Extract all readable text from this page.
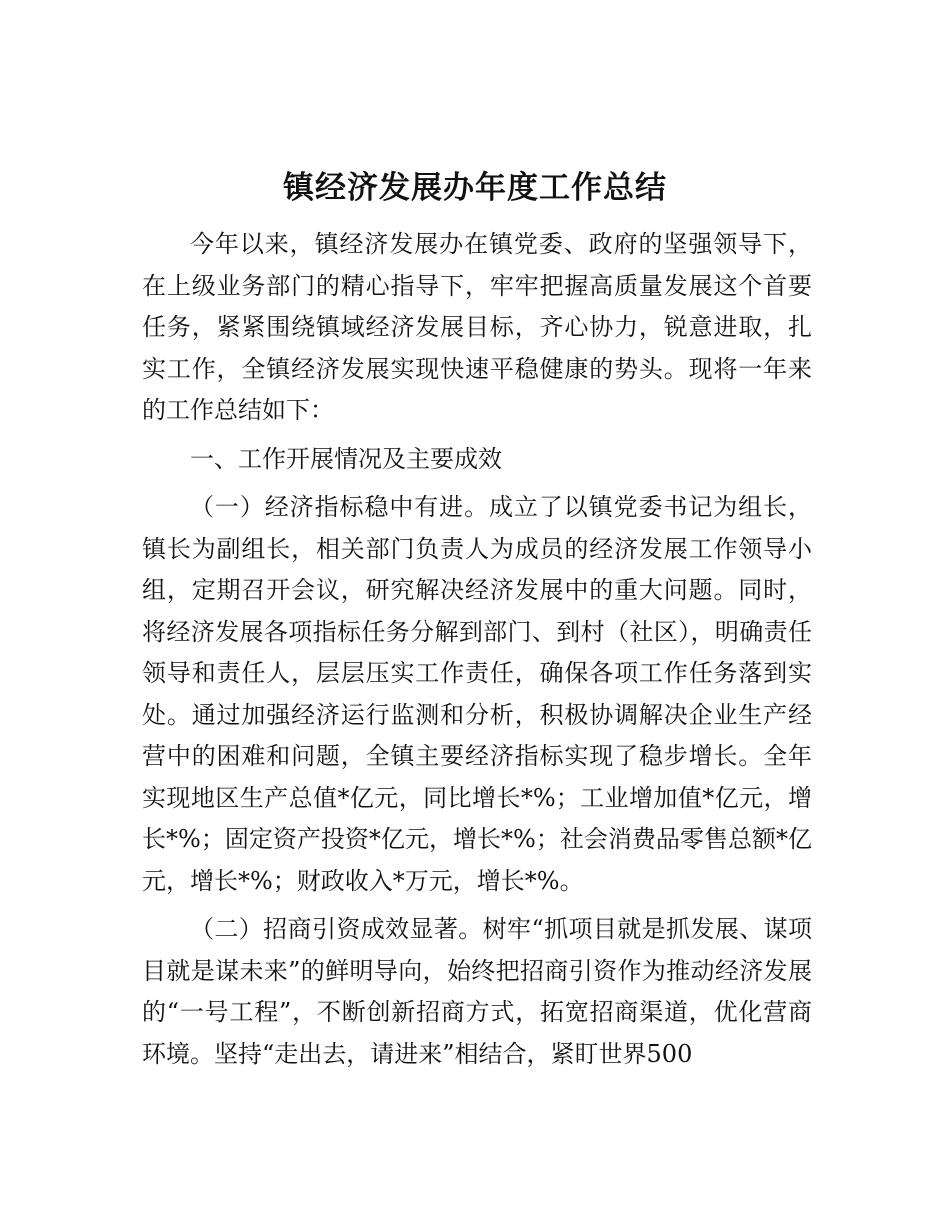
镇经济发展办年度工作总结

今年以来，镇经济发展办在镇党委、政府的坚强领导下，在上级业务部门的精心指导下，牢牢把握高质量发展这个首要任务，紧紧围绕镇域经济发展目标，齐心协力，锐意进取，扎实工作，全镇经济发展实现快速平稳健康的势头。现将一年来的工作总结如下：

一、工作开展情况及主要成效

（一）经济指标稳中有进。成立了以镇党委书记为组长，镇长为副组长，相关部门负责人为成员的经济发展工作领导小组，定期召开会议，研究解决经济发展中的重大问题。同时，将经济发展各项指标任务分解到部门、到村（社区），明确责任领导和责任人，层层压实工作责任，确保各项工作任务落到实处。通过加强经济运行监测和分析，积极协调解决企业生产经营中的困难和问题，全镇主要经济指标实现了稳步增长。全年实现地区生产总值*亿元，同比增长*%；工业增加值*亿元，增长*%；固定资产投资*亿元，增长*%；社会消费品零售总额*亿元，增长*%；财政收入*万元，增长*%。

（二）招商引资成效显著。树牢“抓项目就是抓发展、谋项目就是谋未来”的鲜明导向，始终把招商引资作为推动经济发展的“一号工程”，不断创新招商方式，拓宽招商渠道，优化营商环境。坚持“走出去，请进来”相结合，紧盯世界500
